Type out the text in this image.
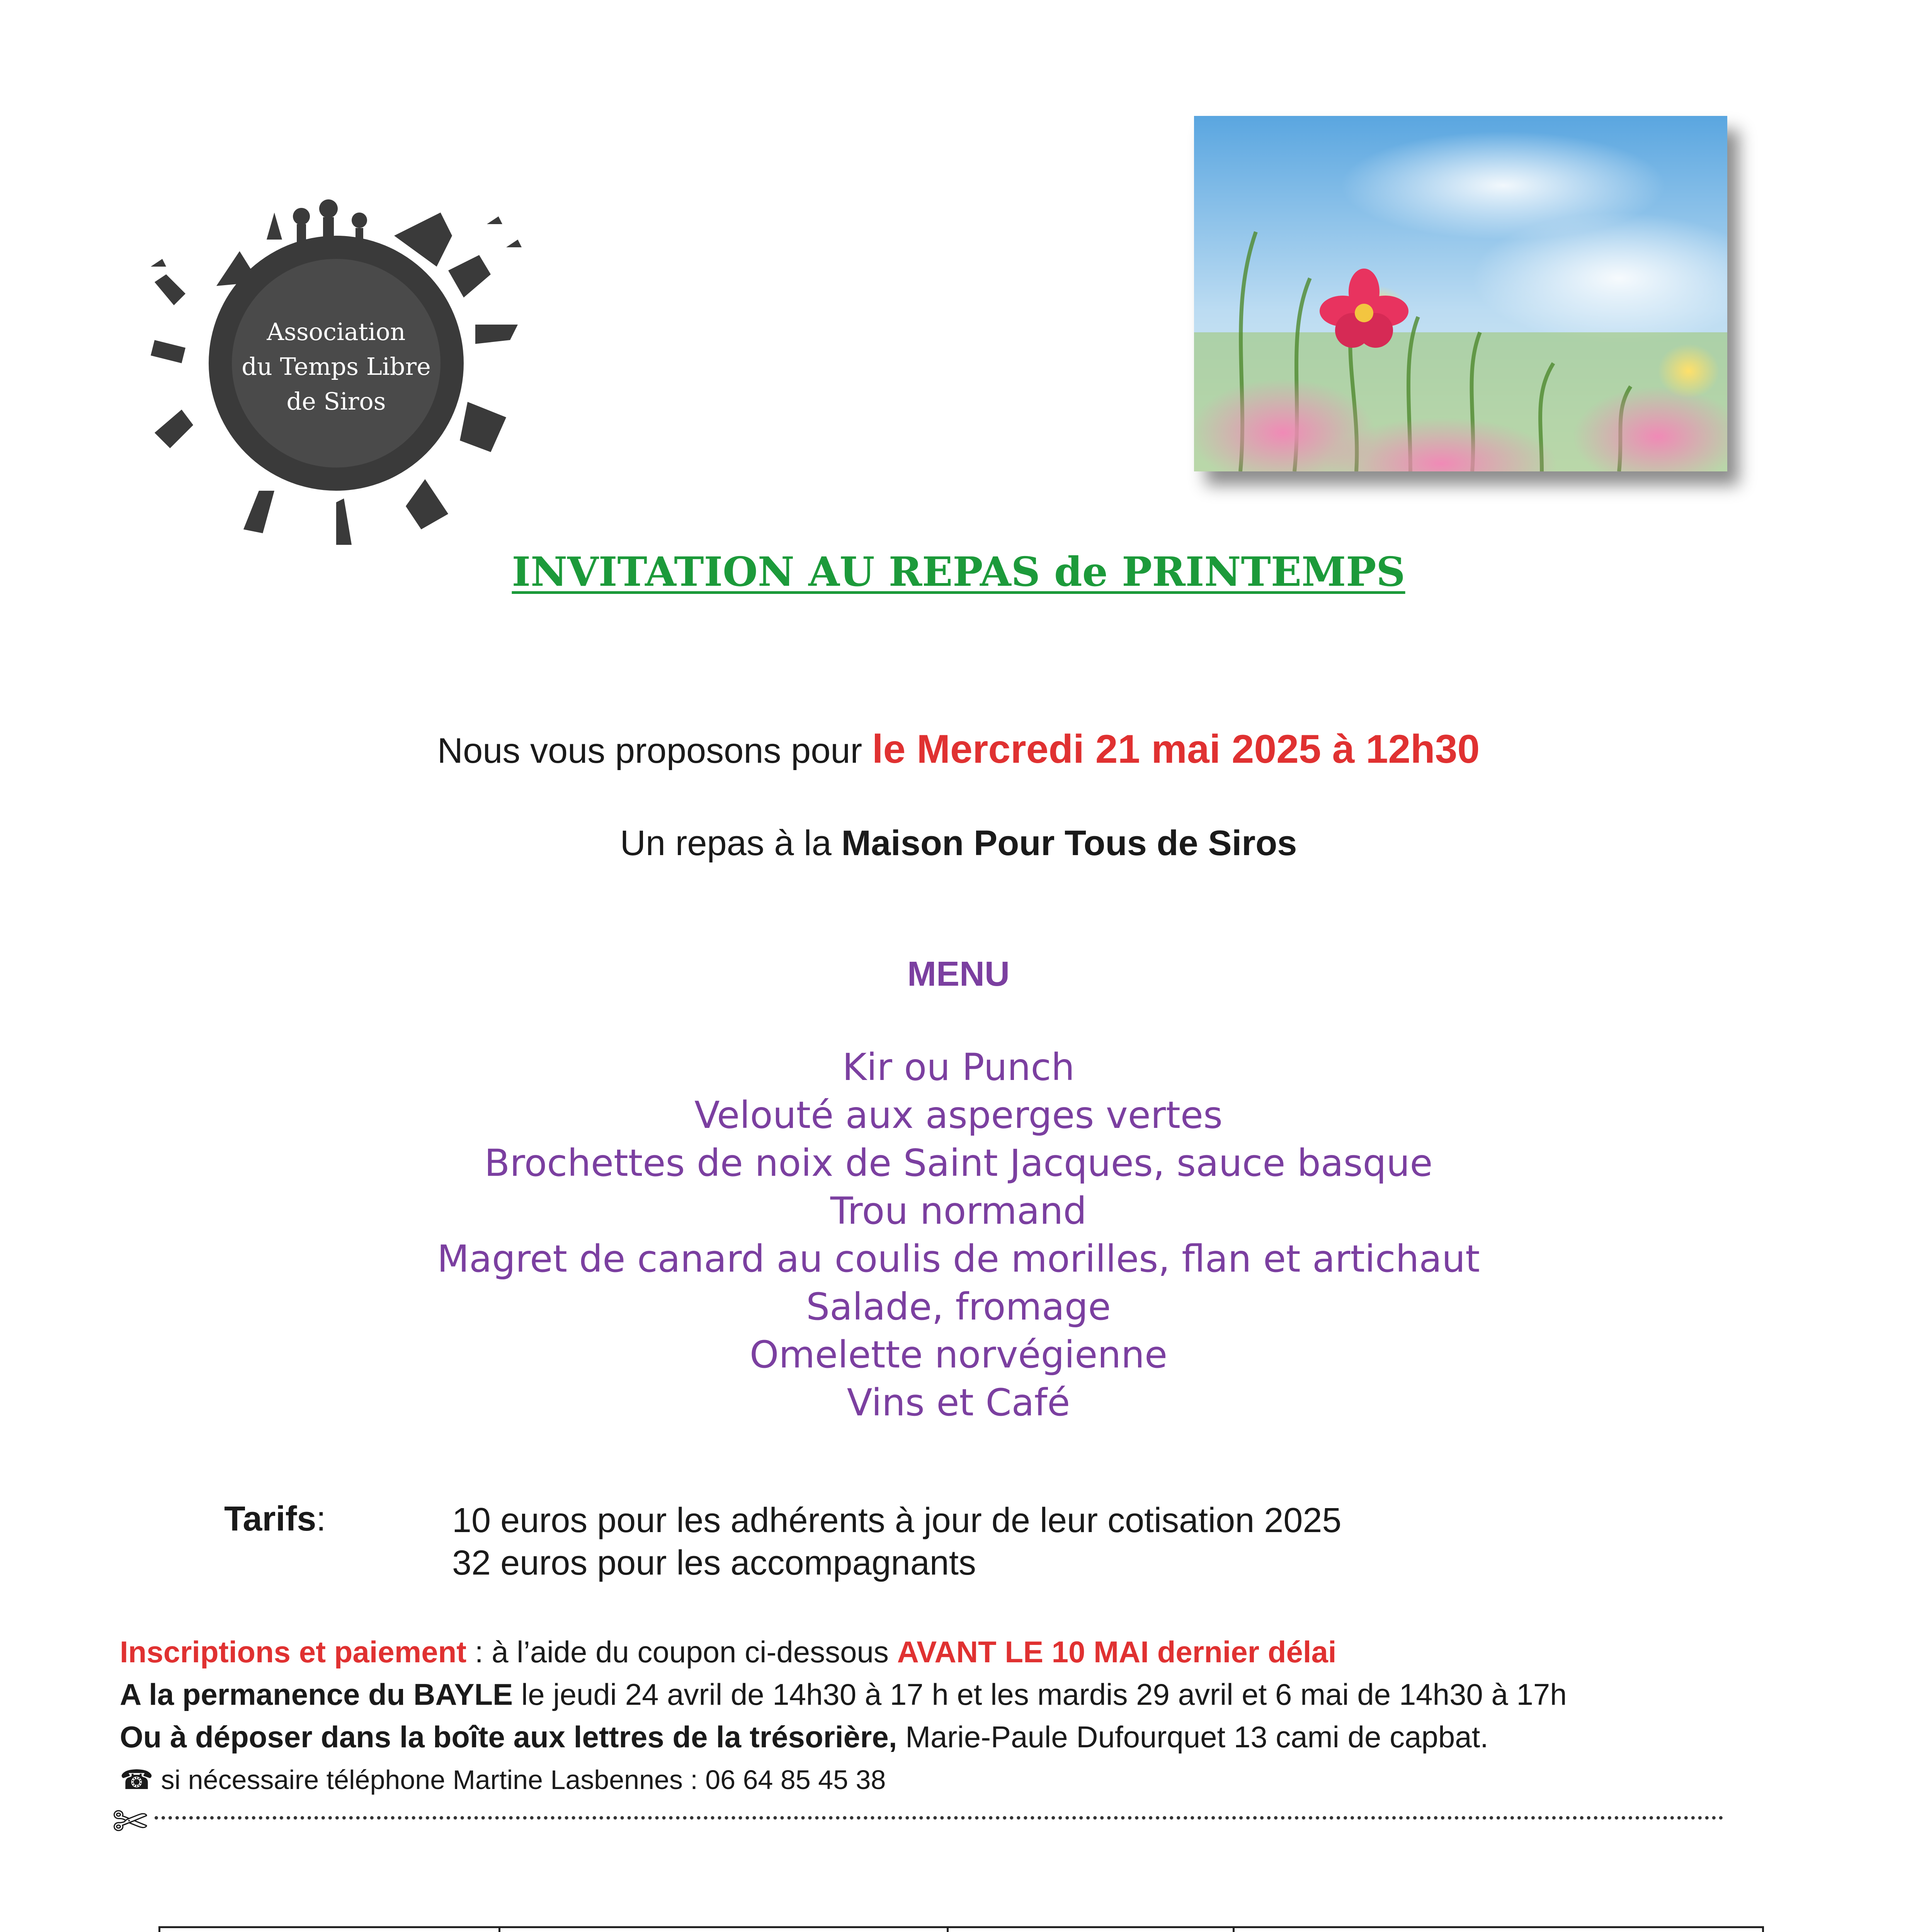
Association
du Temps Libre
de Siros
INVITATION AU REPAS de PRINTEMPS
Nous vous proposons pour le Mercredi 21 mai 2025 à 12h30
Un repas à la Maison Pour Tous de Siros
MENU
Kir ou Punch
Velouté aux asperges vertes
Brochettes de noix de Saint Jacques, sauce basque
Trou normand
Magret de canard au coulis de morilles, flan et artichaut
Salade, fromage
Omelette norvégienne
Vins et Café
Tarifs:	10 euros pour les adhérents à jour de leur cotisation 2025
32 euros pour les accompagnants
Inscriptions et paiement : à l’aide du coupon ci-dessous AVANT LE 10 MAI dernier délai
A la permanence du BAYLE le jeudi 24 avril de 14h30 à 17 h et les mardis 29 avril et 6 mai de 14h30 à 17h
Ou à déposer dans la boîte aux lettres de la trésorière, Marie-Paule Dufourquet 13 cami de capbat.
☎ si nécessaire téléphone Martine Lasbennes : 06 64 85 45 38
✄
